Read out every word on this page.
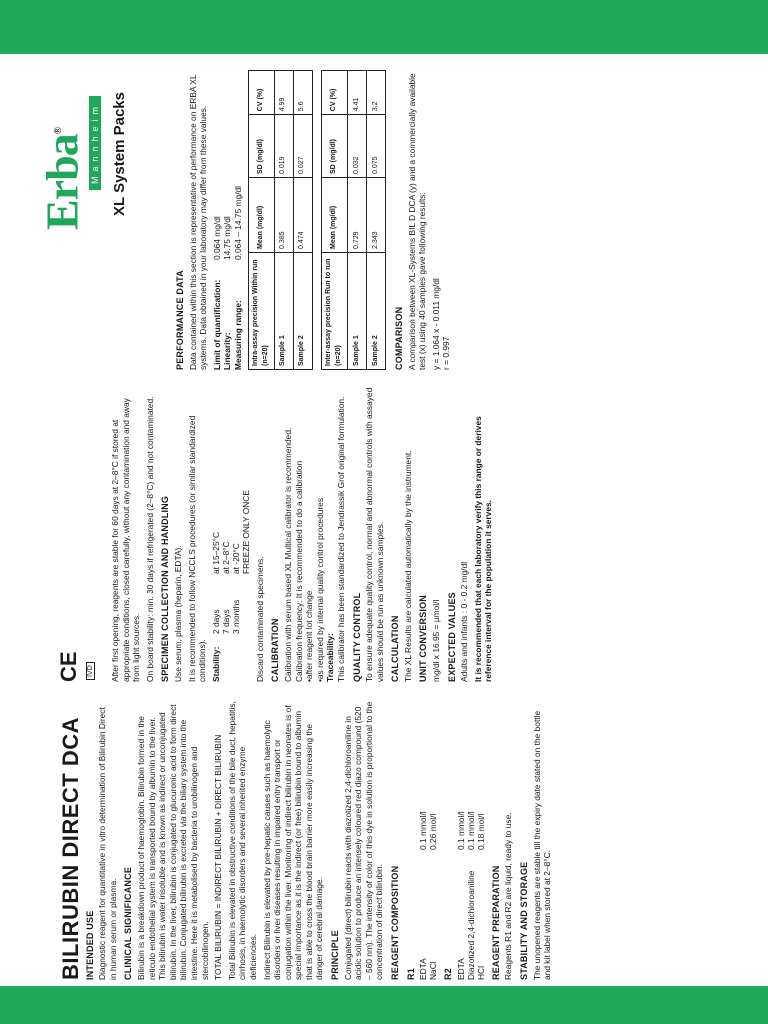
BILIRUBIN DIRECT DCA INTENDED USE Diagnostic reagent for quantitative in vitro determination of Bilirubin Direct in human serum or plasma. CLINICAL SIGNIFICANCE Bilirubin is a breakdown product of haemoglobin. Bilirubin formed in the reticulo endothelial system is transported bound by albumin to the liver. This bilirubin is water insoluble and is known as indirect or unconjugated bilirubin. In the liver, bilirubin is conjugated to glucuronic acid to form direct bilirubin. Conjugated bilirubin is excreted via the biliary system into the intestine. Here it is metabolised by bacteria to urobilinogen and stercobilinogen. TOTAL BILIRUBIN = INDIRECT BILIRUBIN + DIRECT BILIRUBIN Total Bilirubin is elevated in obstructive conditions of the bile duct, hepatitis, cirrhosis, in haemolytic disorders and several inherited enzyme deficiencies. Indirect Bilirubin is elevated by pre-hepatic causes such as haemolytic disorders or liver diseases resulting in impaired entry transport or conjugation within the liver. Monitoring of indirect bilirubin in neonates is of special importance as it is the indirect (or free) bilirubin bound to albumin that is able to cross the blood brain barrier more easily increasing the danger of cerebral damage. PRINCIPLE Conjugated (direct) bilirubin reacts with diazotized 2,4-dichloroaniline in acidic solution to produce an intensely coloured red diazo compound (520 – 560 nm). The intensity of color of this dye in solution is proportional to the concentration of direct bilirubin. REAGENT COMPOSITION R1 EDTA
0.1 mmol/l
NaCl
0.26 mol/l
R2 EDTA
0.1 mmol/l
Diazotized 2,4-dichloroaniline
0.1 mmol/l
HCl
0.18 mol/l
REAGENT PREPARATION Reagents R1 and R2 are liquid, ready to use. STABILITY AND STORAGE The unopened reagents are stable till the expiry date stated on the bottle and kit label when stored at 2–8°C.

CE IVD After first opening, reagents are stable for 60 days at 2–8°C if stored at appropriate conditions, closed carefully, without any contamination and away from light sources. On board stability: min. 30 days if refrigerated (2–8°C) and not contaminated. SPECIMEN COLLECTION AND HANDLING Use serum, plasma (heparin, EDTA). It is recommended to follow NCCLS procedures (or similar standardized conditions). Stability:
2 days
at 15–25°C
7 days
at 2–8°C
3 months
at -20°C FREEZE ONLY ONCE

Discard contaminated specimens. CALIBRATION Calibration with serum based XL Multical calibrator is recommended. Calibration frequency: It is recommended to do a calibration •after reagent lot change •as required by internal quality control procedures Traceability: This calibrator has been standardized to Jendrassik Grof original formulation. QUALITY CONTROL To ensure adequate quality control, normal and abnormal controls with assayed values should be run as unknown samples. CALCULATION The XL Results are calculated automatically by the instrument. UNIT CONVERSION mg/dl x 16.95 = µmol/l EXPECTED VALUES Adults and infants : 0 - 0.2 mg/dl It is recommended that each laboratory verify this range or derives reference interval for the population it serves.

PERFORMANCE DATA Data contained within this section is representative of performance on ERBA XL systems. Data obtained in your laboratory may differ from these values. Limit of quantification:
0.064 mg/dl
Linearity:
14.75 mg/dl
Measuring range:
0.064 – 14.75 mg/dl
Intra-assay precision Within run (n=20)	Mean (mg/dl)	SD (mg/dl)	CV (%)
Sample 1	0.385	0.019	4.99
Sample 2	0.474	0.027	5.6
Inter-assay precision Run to run (n=20)	Mean (mg/dl)	SD (mg/dl)	CV (%)
Sample 1	0.729	0.032	4.41
Sample 2	2.343	0.075	3.2
COMPARISON A comparison between XL-Systems BIL D DCA (y) and a commercially available test (x) using 40 samples gave following results: y = 1.064 x - 0.011 mg/dl r = 0.997

Erba®	Mannheim XL System Packs
